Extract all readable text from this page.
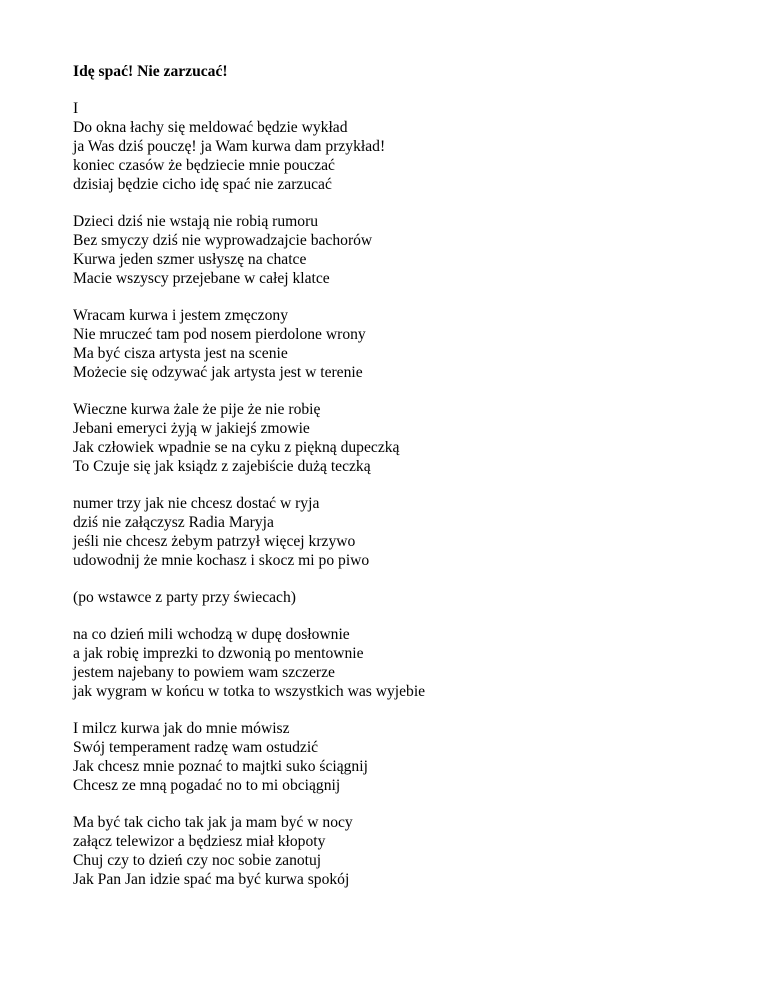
Idę spać! Nie zarzucać!
I
Do okna łachy się meldować będzie wykład
ja Was dziś pouczę! ja Wam kurwa dam przykład!
koniec czasów że będziecie mnie pouczać
dzisiaj będzie cicho idę spać nie zarzucać
Dzieci dziś nie wstają nie robią rumoru
Bez smyczy dziś nie wyprowadzajcie bachorów
Kurwa jeden szmer usłyszę na chatce
Macie wszyscy przejebane w całej klatce
Wracam kurwa i jestem zmęczony
Nie mruczeć tam pod nosem pierdolone wrony
Ma być cisza artysta jest na scenie
Możecie się odzywać jak artysta jest w terenie
Wieczne kurwa żale że pije że nie robię
Jebani emeryci żyją w jakiejś zmowie
Jak człowiek wpadnie se na cyku z piękną dupeczką
To Czuje się jak ksiądz z zajebiście dużą teczką
numer trzy jak nie chcesz dostać w ryja
dziś nie załączysz Radia Maryja
jeśli nie chcesz żebym patrzył więcej krzywo
udowodnij że mnie kochasz i skocz mi po piwo
(po wstawce z party przy świecach)
na co dzień mili wchodzą w dupę dosłownie
a jak robię imprezki to dzwonią po mentownie
jestem najebany to powiem wam szczerze
jak wygram w końcu w totka to wszystkich was wyjebie
I milcz kurwa jak do mnie mówisz
Swój temperament radzę wam ostudzić
Jak chcesz mnie poznać to majtki suko ściągnij
Chcesz ze mną pogadać no to mi obciągnij
Ma być tak cicho tak jak ja mam być w nocy
załącz telewizor a będziesz miał kłopoty
Chuj czy to dzień czy noc sobie zanotuj
Jak Pan Jan idzie spać ma być kurwa spokój
